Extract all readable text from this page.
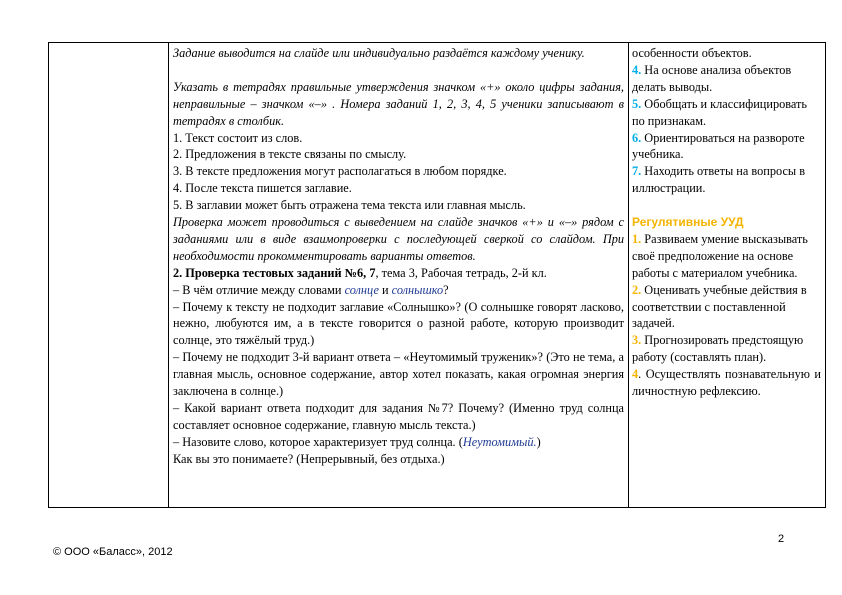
Задание выводится на слайде или индивидуально раздаётся каждому ученику.

Указать в тетрадях правильные утверждения значком «+» около цифры задания, неправильные – значком «–» . Номера заданий 1, 2, 3, 4, 5 ученики записывают в тетрадях в столбик.

1. Текст состоит из слов.

2. Предложения в тексте связаны по смыслу.

3. В тексте предложения могут располагаться в любом порядке.

4. После текста пишется заглавие.

5. В заглавии может быть отражена тема текста или главная мысль.

Проверка может проводиться с выведением на слайде значков «+» и «–» рядом с заданиями или в виде взаимопроверки с последующей сверкой со слайдом. При необходимости прокомментировать варианты ответов.

2. Проверка тестовых заданий №6, 7, тема 3, Рабочая тетрадь, 2-й кл.

– В чём отличие между словами солнце и солнышко?

– Почему к тексту не подходит заглавие «Солнышко»? (О солнышке говорят ласково, нежно, любуются им, а в тексте говорится о разной работе, которую производит солнце, это тяжёлый труд.)

– Почему не подходит 3-й вариант ответа – «Неутомимый труженик»? (Это не тема, а главная мысль, основное содержание, автор хотел показать, какая огромная энергия заключена в солнце.)

– Какой вариант ответа подходит для задания №7? Почему? (Именно труд солнца составляет основное содержание, главную мысль текста.)

– Назовите слово, которое характеризует труд солнца. (Неутомимый.)

Как вы это понимаете? (Непрерывный, без отдыха.)

особенности объектов.

4. На основе анализа объектов делать выводы.

5. Обобщать и классифицировать по признакам.

6. Ориентироваться на развороте учебника.

7. Находить ответы на вопросы в иллюстрации.

Регулятивные УУД

1. Развиваем умение высказывать своё предположение на основе работы с материалом учебника.

2. Оценивать учебные действия в соответствии с поставленной задачей.

3. Прогнозировать предстоящую работу (составлять план).

4. Осуществлять познавательную и личностную рефлексию.

2
© ООО «Баласс», 2012
